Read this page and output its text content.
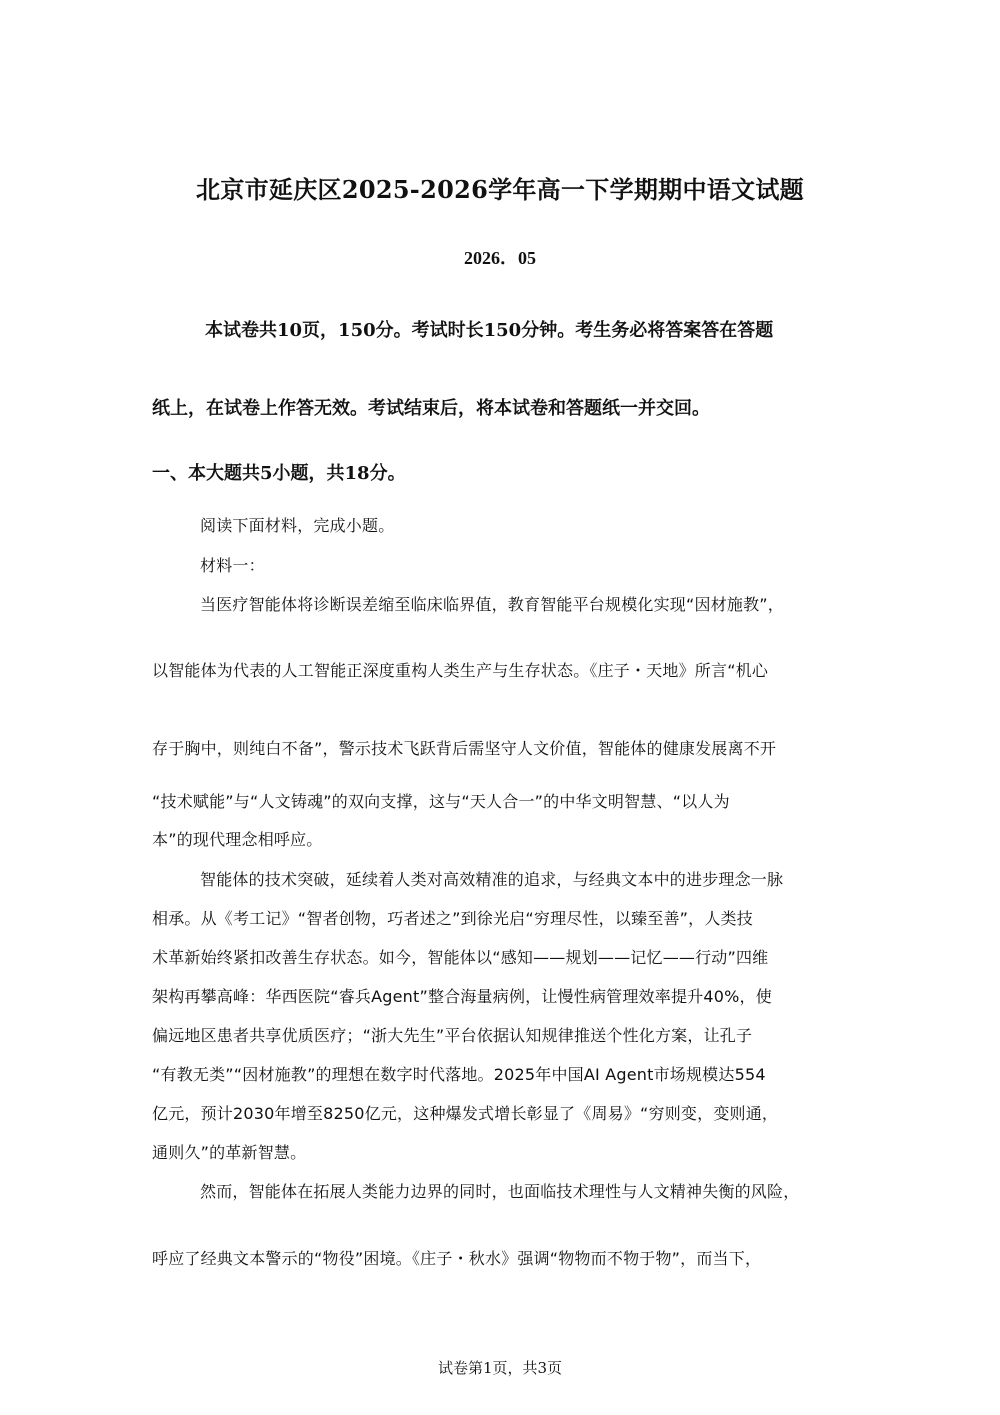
北京市延庆区2025-2026学年高一下学期期中语文试题
2026．05
本试卷共10页，150分。考试时长150分钟。考生务必将答案答在答题
纸上，在试卷上作答无效。考试结束后，将本试卷和答题纸一并交回。
一、本大题共5小题，共18分。
阅读下面材料，完成小题。
材料一：
当医疗智能体将诊断误差缩至临床临界值，教育智能平台规模化实现“因材施教”，
以智能体为代表的人工智能正深度重构人类生产与生存状态。《庄子・天地》所言“机心
存于胸中，则纯白不备”，警示技术飞跃背后需坚守人文价值，智能体的健康发展离不开
“技术赋能”与“人文铸魂”的双向支撑，这与“天人合一”的中华文明智慧、“以人为
本”的现代理念相呼应。
智能体的技术突破，延续着人类对高效精准的追求，与经典文本中的进步理念一脉
相承。从《考工记》“智者创物，巧者述之”到徐光启“穷理尽性，以臻至善”，人类技
术革新始终紧扣改善生存状态。如今，智能体以“感知——规划——记忆——行动”四维
架构再攀高峰：华西医院“睿兵Agent”整合海量病例，让慢性病管理效率提升40%，使
偏远地区患者共享优质医疗；“浙大先生”平台依据认知规律推送个性化方案，让孔子
“有教无类”“因材施教”的理想在数字时代落地。2025年中国AI Agent市场规模达554
亿元，预计2030年增至8250亿元，这种爆发式增长彰显了《周易》“穷则变，变则通，
通则久”的革新智慧。
然而，智能体在拓展人类能力边界的同时，也面临技术理性与人文精神失衡的风险，
呼应了经典文本警示的“物役”困境。《庄子・秋水》强调“物物而不物于物”，而当下，
试卷第1页，共3页
